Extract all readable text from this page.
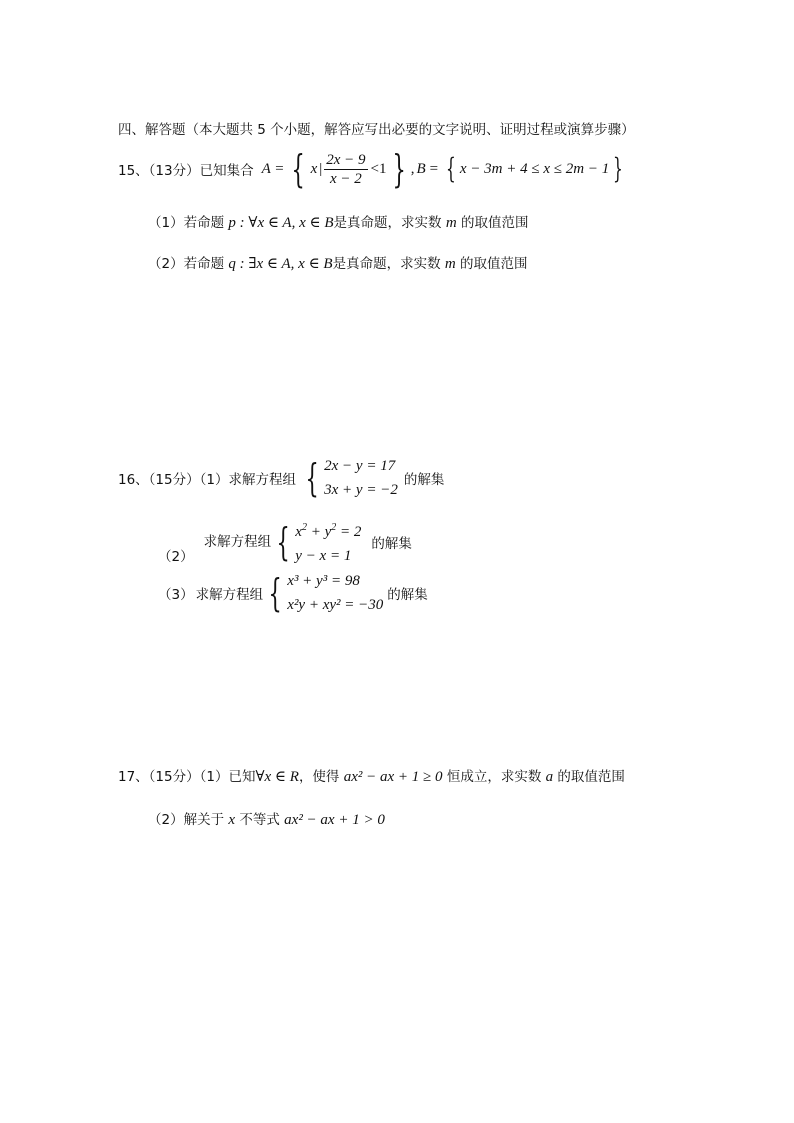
四、解答题（本大题共 5 个小题，解答应写出必要的文字说明、证明过程或演算步骤）
15、（13分）已知集合 A = { x | $\frac{2x - 9}{x - 2} <1$ } , B = { x − 3m + 4 ≤ x ≤ 2m − 1 }
（1）若命题 p : ∀x ∈ A, x ∈ B是真命题，求实数 m 的取值范围
（2）若命题 q : ∃x ∈ A, x ∈ B是真命题，求实数 m 的取值范围
16、（15分）（1）求解方程组 { 2x − y = 17
3x + y = −2
的解集
（2）
求解方程组 { $x^2 + y^2 = 2$
y − x = 1
的解集
（3） 求解方程组 { x³ + y³ = 98
x²y + xy² = −30
的解集
17、（15分）（1）已知∀x ∈ R，使得 ax² − ax + 1 ≥ 0 恒成立，求实数 a 的取值范围
（2）解关于 x 不等式 ax² − ax + 1 > 0
